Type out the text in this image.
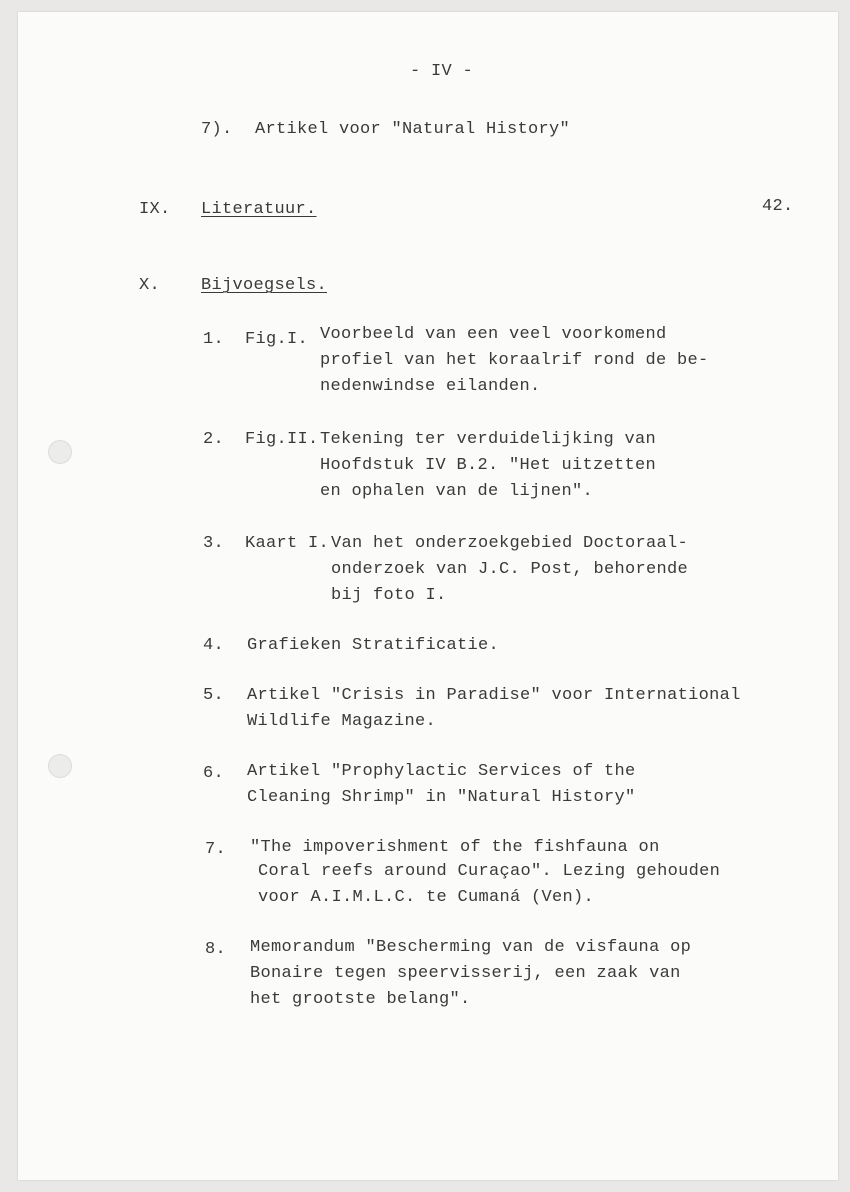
- IV -
7). Artikel voor "Natural History"
IX. Literatuur.	42.
X. Bijvoegsels.
1. Fig.I. Voorbeeld van een veel voorkomend
profiel van het koraalrif rond de be-
nedenwindse eilanden.
2. Fig.II. Tekening ter verduidelijking van
Hoofdstuk IV B.2. "Het uitzetten
en ophalen van de lijnen".
3. Kaart I. Van het onderzoekgebied Doctoraal-
onderzoek van J.C. Post, behorende
bij foto I.
4. Grafieken Stratificatie.
5. Artikel "Crisis in Paradise" voor International
Wildlife Magazine.
6. Artikel "Prophylactic Services of the
Cleaning Shrimp" in "Natural History"
7. "The impoverishment of the fishfauna on
Coral reefs around Curaçao". Lezing gehouden
voor A.I.M.L.C. te Cumaná (Ven).
8. Memorandum "Bescherming van de visfauna op
Bonaire tegen speervisserij, een zaak van
het grootste belang".
